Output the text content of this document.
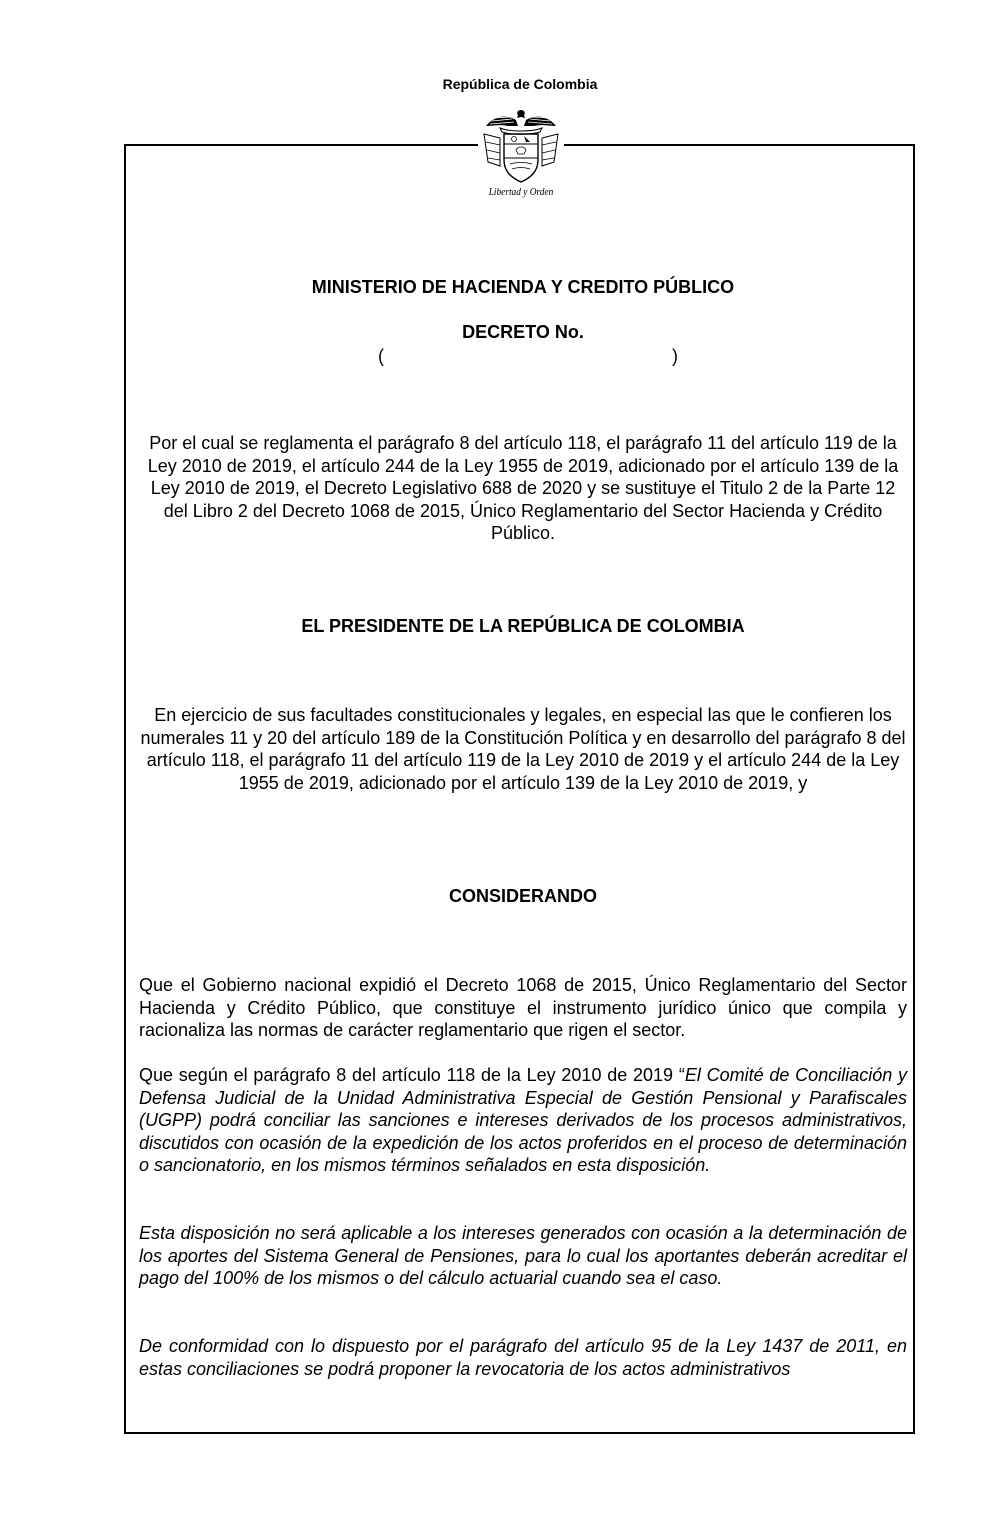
República de Colombia
Libertad y Orden
MINISTERIO DE HACIENDA Y CREDITO PÚBLICO
DECRETO No.
(	)
Por el cual se reglamenta el parágrafo 8 del artículo 118, el parágrafo 11 del artículo 119 de la Ley 2010 de 2019, el artículo 244 de la Ley 1955 de 2019, adicionado por el artículo 139 de la Ley 2010 de 2019, el Decreto Legislativo 688 de 2020 y se sustituye el Titulo 2 de la Parte 12 del Libro 2 del Decreto 1068 de 2015, Único Reglamentario del Sector Hacienda y Crédito Público.
EL PRESIDENTE DE LA REPÚBLICA DE COLOMBIA
En ejercicio de sus facultades constitucionales y legales, en especial las que le confieren los numerales 11 y 20 del artículo 189 de la Constitución Política y en desarrollo del parágrafo 8 del artículo 118, el parágrafo 11 del artículo 119 de la Ley 2010 de 2019 y el artículo 244 de la Ley 1955 de 2019, adicionado por el artículo 139 de la Ley 2010 de 2019, y
CONSIDERANDO
Que el Gobierno nacional expidió el Decreto 1068 de 2015, Único Reglamentario del Sector Hacienda y Crédito Público, que constituye el instrumento jurídico único que compila y racionaliza las normas de carácter reglamentario que rigen el sector.
Que según el parágrafo 8 del artículo 118 de la Ley 2010 de 2019 “El Comité de Conciliación y Defensa Judicial de la Unidad Administrativa Especial de Gestión Pensional y Parafiscales (UGPP) podrá conciliar las sanciones e intereses derivados de los procesos administrativos, discutidos con ocasión de la expedición de los actos proferidos en el proceso de determinación o sancionatorio, en los mismos términos señalados en esta disposición.
Esta disposición no será aplicable a los intereses generados con ocasión a la determinación de los aportes del Sistema General de Pensiones, para lo cual los aportantes deberán acreditar el pago del 100% de los mismos o del cálculo actuarial cuando sea el caso.
De conformidad con lo dispuesto por el parágrafo del artículo 95 de la Ley 1437 de 2011, en estas conciliaciones se podrá proponer la revocatoria de los actos administrativos
